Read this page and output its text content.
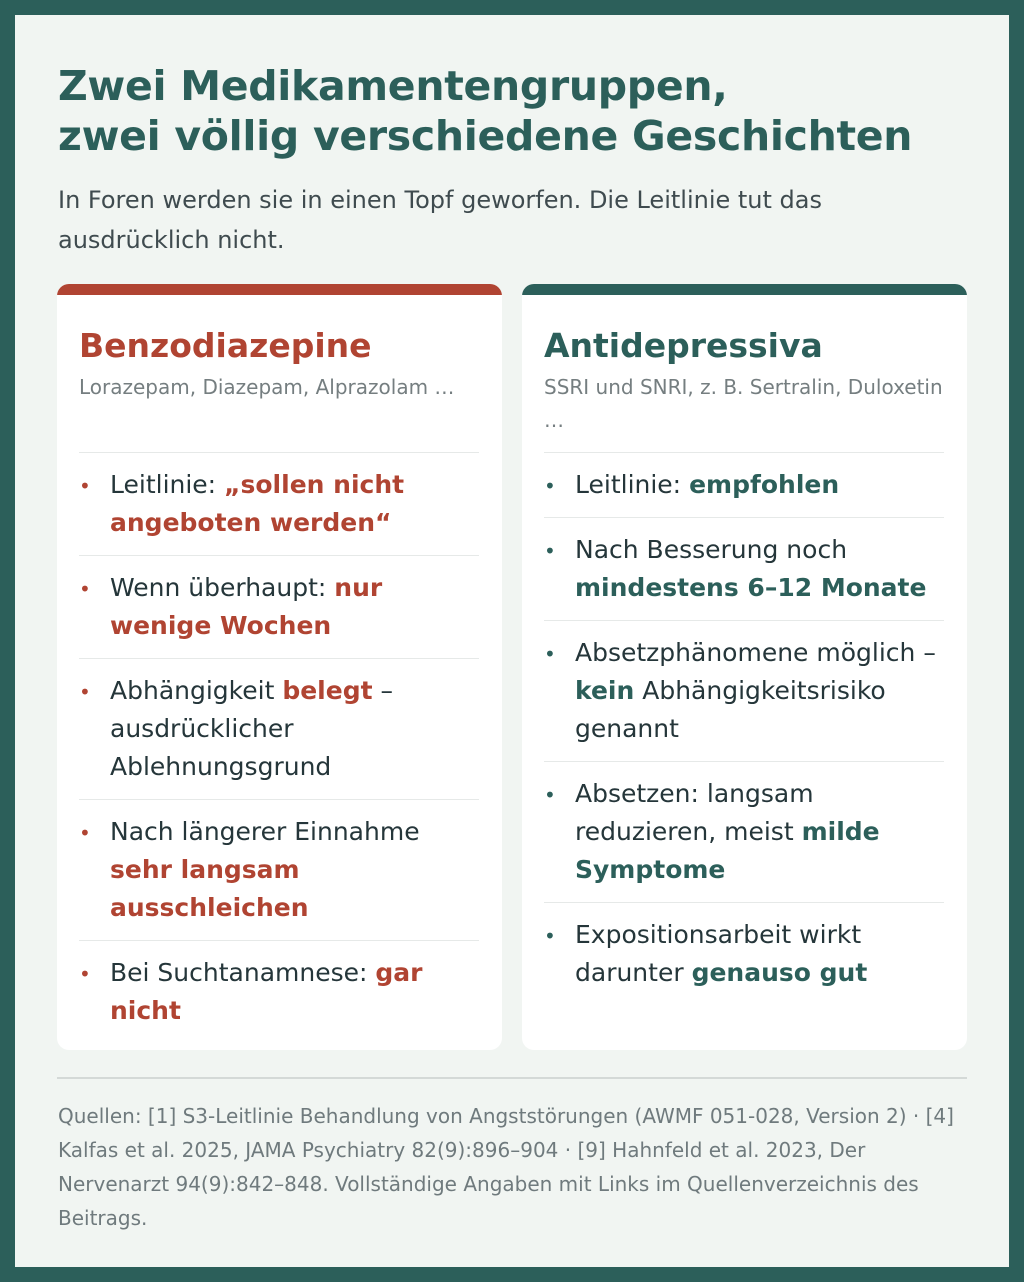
Zwei Medikamentengruppen,
zwei völlig verschiedene Geschichten

In Foren werden sie in einen Topf geworfen. Die Leitlinie tut das ausdrücklich nicht.

Benzodiazepine

Lorazepam, Diazepam, Alprazolam …

• Leitlinie: „sollen nicht angeboten werden“
• Wenn überhaupt: nur wenige Wochen
• Abhängigkeit belegt – ausdrücklicher Ablehnungsgrund
• Nach längerer Einnahme sehr langsam ausschleichen
• Bei Suchtanamnese: gar nicht
Antidepressiva

SSRI und SNRI, z. B. Sertralin, Duloxetin …

• Leitlinie: empfohlen
• Nach Besserung noch mindestens 6–12 Monate
• Absetzphänomene möglich – kein Abhängigkeitsrisiko genannt
• Absetzen: langsam reduzieren, meist milde Symptome
• Expositionsarbeit wirkt darunter genauso gut

Quellen: [1] S3-Leitlinie Behandlung von Angststörungen (AWMF 051-028, Version 2) · [4] Kalfas et al. 2025, JAMA Psychiatry 82(9):896–904 · [9] Hahnfeld et al. 2023, Der Nervenarzt 94(9):842–848. Vollständige Angaben mit Links im Quellenverzeichnis des Beitrags.
